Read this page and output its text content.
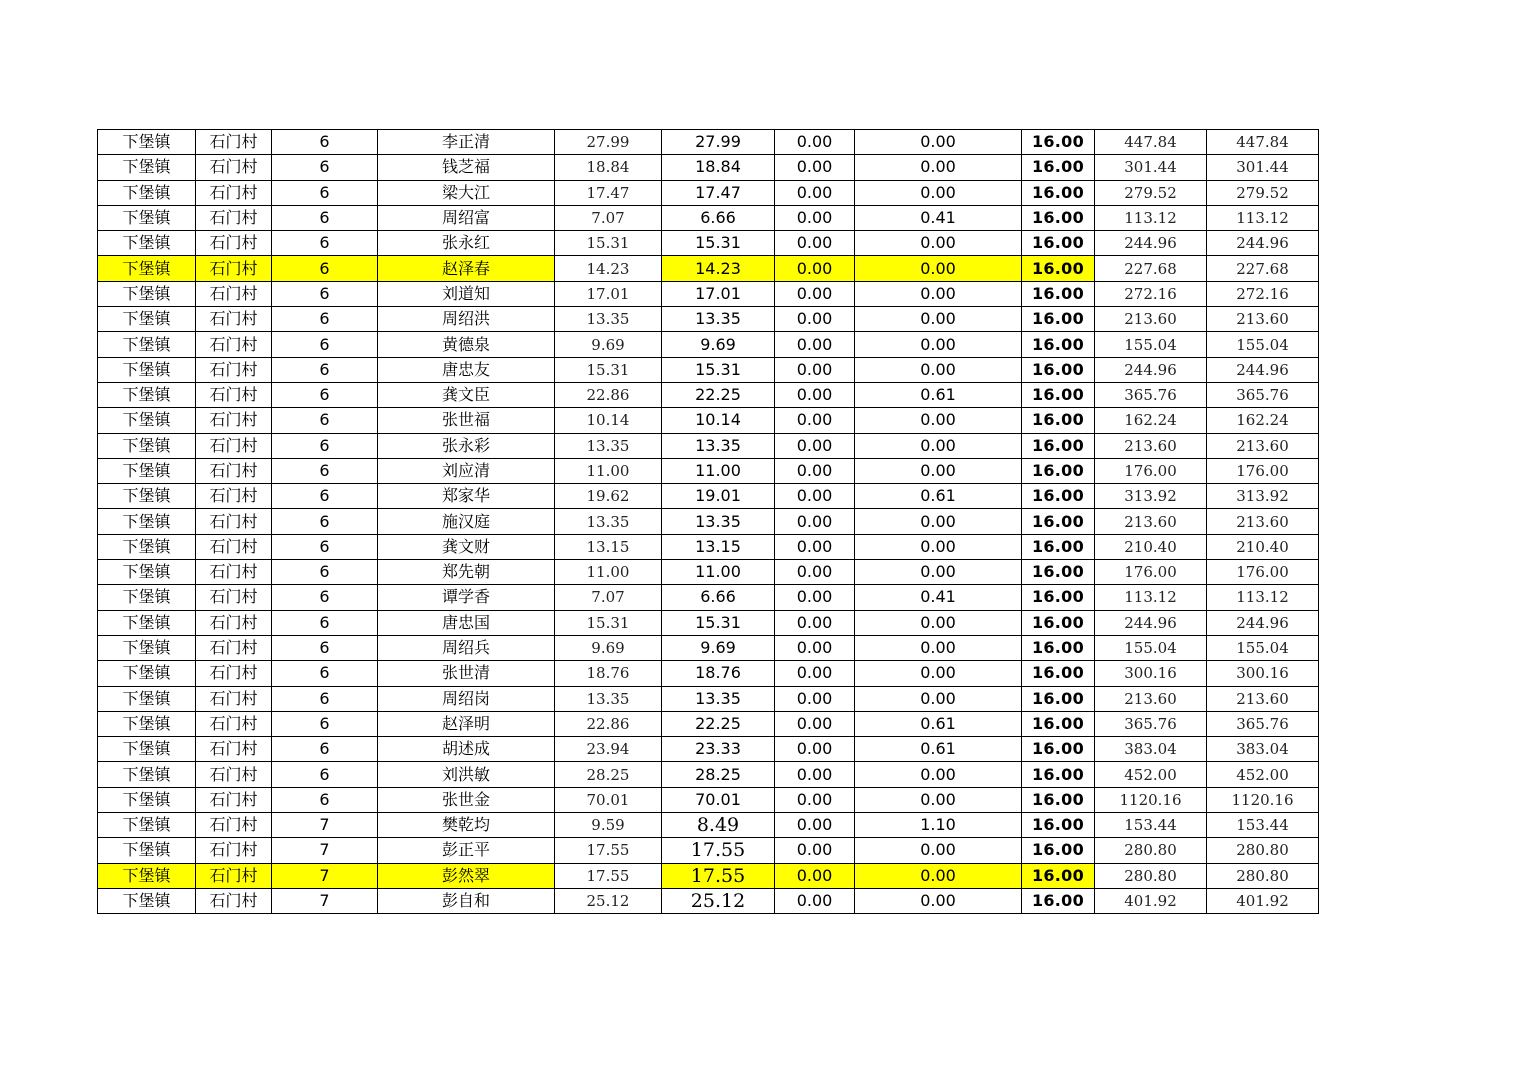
下堡镇	石门村	6	李正清	27.99	27.99	0.00	0.00	16.00	447.84	447.84
下堡镇	石门村	6	钱芝福	18.84	18.84	0.00	0.00	16.00	301.44	301.44
下堡镇	石门村	6	梁大江	17.47	17.47	0.00	0.00	16.00	279.52	279.52
下堡镇	石门村	6	周绍富	7.07	6.66	0.00	0.41	16.00	113.12	113.12
下堡镇	石门村	6	张永红	15.31	15.31	0.00	0.00	16.00	244.96	244.96
下堡镇	石门村	6	赵泽春	14.23	14.23	0.00	0.00	16.00	227.68	227.68
下堡镇	石门村	6	刘道知	17.01	17.01	0.00	0.00	16.00	272.16	272.16
下堡镇	石门村	6	周绍洪	13.35	13.35	0.00	0.00	16.00	213.60	213.60
下堡镇	石门村	6	黄德泉	9.69	9.69	0.00	0.00	16.00	155.04	155.04
下堡镇	石门村	6	唐忠友	15.31	15.31	0.00	0.00	16.00	244.96	244.96
下堡镇	石门村	6	龚文臣	22.86	22.25	0.00	0.61	16.00	365.76	365.76
下堡镇	石门村	6	张世福	10.14	10.14	0.00	0.00	16.00	162.24	162.24
下堡镇	石门村	6	张永彩	13.35	13.35	0.00	0.00	16.00	213.60	213.60
下堡镇	石门村	6	刘应清	11.00	11.00	0.00	0.00	16.00	176.00	176.00
下堡镇	石门村	6	郑家华	19.62	19.01	0.00	0.61	16.00	313.92	313.92
下堡镇	石门村	6	施汉庭	13.35	13.35	0.00	0.00	16.00	213.60	213.60
下堡镇	石门村	6	龚文财	13.15	13.15	0.00	0.00	16.00	210.40	210.40
下堡镇	石门村	6	郑先朝	11.00	11.00	0.00	0.00	16.00	176.00	176.00
下堡镇	石门村	6	谭学香	7.07	6.66	0.00	0.41	16.00	113.12	113.12
下堡镇	石门村	6	唐忠国	15.31	15.31	0.00	0.00	16.00	244.96	244.96
下堡镇	石门村	6	周绍兵	9.69	9.69	0.00	0.00	16.00	155.04	155.04
下堡镇	石门村	6	张世清	18.76	18.76	0.00	0.00	16.00	300.16	300.16
下堡镇	石门村	6	周绍岗	13.35	13.35	0.00	0.00	16.00	213.60	213.60
下堡镇	石门村	6	赵泽明	22.86	22.25	0.00	0.61	16.00	365.76	365.76
下堡镇	石门村	6	胡述成	23.94	23.33	0.00	0.61	16.00	383.04	383.04
下堡镇	石门村	6	刘洪敏	28.25	28.25	0.00	0.00	16.00	452.00	452.00
下堡镇	石门村	6	张世金	70.01	70.01	0.00	0.00	16.00	1120.16	1120.16
下堡镇	石门村	7	樊乾均	9.59	8.49	0.00	1.10	16.00	153.44	153.44
下堡镇	石门村	7	彭正平	17.55	17.55	0.00	0.00	16.00	280.80	280.80
下堡镇	石门村	7	彭然翠	17.55	17.55	0.00	0.00	16.00	280.80	280.80
下堡镇	石门村	7	彭自和	25.12	25.12	0.00	0.00	16.00	401.92	401.92
